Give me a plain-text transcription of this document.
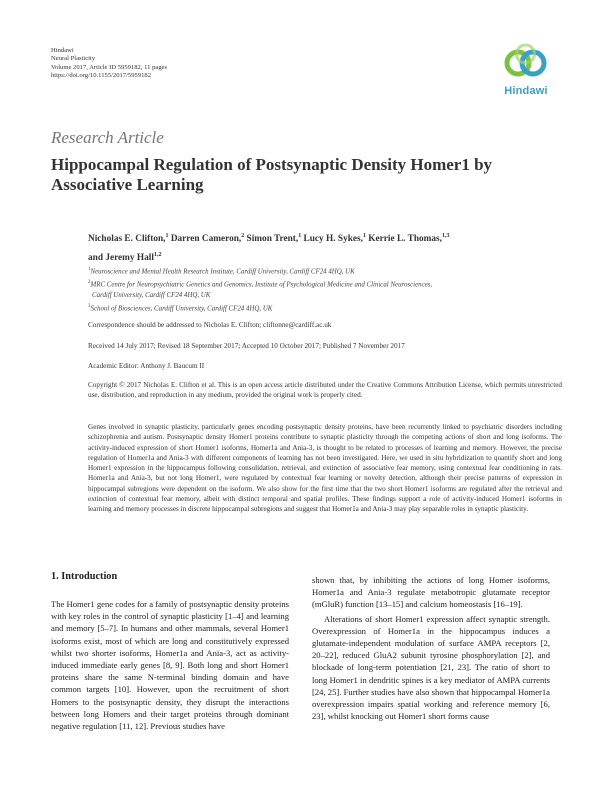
Hindawi
Neural Plasticity
Volume 2017, Article ID 5959182, 11 pages
https://doi.org/10.1155/2017/5959182
Hindawi
Research Article
Hippocampal Regulation of Postsynaptic Density Homer1 by Associative Learning
Nicholas E. Clifton,$^1$ Darren Cameron,$^2$ Simon Trent,$^1$ Lucy H. Sykes,$^1$ Kerrie L. Thomas,$^{1,3}$
and Jeremy Hall$^{1,2}$
$^1$Neuroscience and Mental Health Research Institute, Cardiff University, Cardiff CF24 4HQ, UK
$^2$MRC Centre for Neuropsychiatric Genetics and Genomics, Institute of Psychological Medicine and Clinical Neurosciences,
Cardiff University, Cardiff CF24 4HQ, UK
$^3$School of Biosciences, Cardiff University, Cardiff CF24 4HQ, UK
Correspondence should be addressed to Nicholas E. Clifton; cliftonne@cardiff.ac.uk
Received 14 July 2017; Revised 18 September 2017; Accepted 10 October 2017; Published 7 November 2017
Academic Editor: Anthony J. Baucum II
Copyright © 2017 Nicholas E. Clifton et al. This is an open access article distributed under the Creative Commons Attribution License, which permits unrestricted use, distribution, and reproduction in any medium, provided the original work is properly cited.
Genes involved in synaptic plasticity, particularly genes encoding postsynaptic density proteins, have been recurrently linked to psychiatric disorders including schizophrenia and autism. Postsynaptic density Homer1 proteins contribute to synaptic plasticity through the competing actions of short and long isoforms. The activity-induced expression of short Homer1 isoforms, Homer1a and Ania-3, is thought to be related to processes of learning and memory. However, the precise regulation of Homer1a and Ania-3 with different components of learning has not been investigated. Here, we used in situ hybridization to quantify short and long Homer1 expression in the hippocampus following consolidation, retrieval, and extinction of associative fear memory, using contextual fear conditioning in rats. Homer1a and Ania-3, but not long Homer1, were regulated by contextual fear learning or novelty detection, although their precise patterns of expression in hippocampal subregions were dependent on the isoform. We also show for the first time that the two short Homer1 isoforms are regulated after the retrieval and extinction of contextual fear memory, albeit with distinct temporal and spatial profiles. These findings support a role of activity-induced Homer1 isoforms in learning and memory processes in discrete hippocampal subregions and suggest that Homer1a and Ania-3 may play separable roles in synaptic plasticity.
1. Introduction

The Homer1 gene codes for a family of postsynaptic density proteins with key roles in the control of synaptic plasticity [1–4] and learning and memory [5–7]. In humans and other mammals, several Homer1 isoforms exist, most of which are long and constitutively expressed whilst two shorter isoforms, Homer1a and Ania-3, act as activity-induced immediate early genes [8, 9]. Both long and short Homer1 proteins share the same N-terminal binding domain and have common targets [10]. However, upon the recruitment of short Homers to the postsynaptic density, they disrupt the interactions between long Homers and their target proteins through dominant negative regulation [11, 12]. Previous studies have

shown that, by inhibiting the actions of long Homer isoforms, Homer1a and Ania-3 regulate metabotropic glutamate receptor (mGluR) function [13–15] and calcium homeostasis [16–19].

Alterations of short Homer1 expression affect synaptic strength. Overexpression of Homer1a in the hippocampus induces a glutamate-independent modulation of surface AMPA receptors [2, 20–22], reduced GluA2 subunit tyrosine phosphorylation [2], and blockade of long-term potentiation [21, 23]. The ratio of short to long Homer1 in dendritic spines is a key mediator of AMPA currents [24, 25]. Further studies have also shown that hippocampal Homer1a overexpression impairs spatial working and reference memory [6, 23], whilst knocking out Homer1 short forms cause
